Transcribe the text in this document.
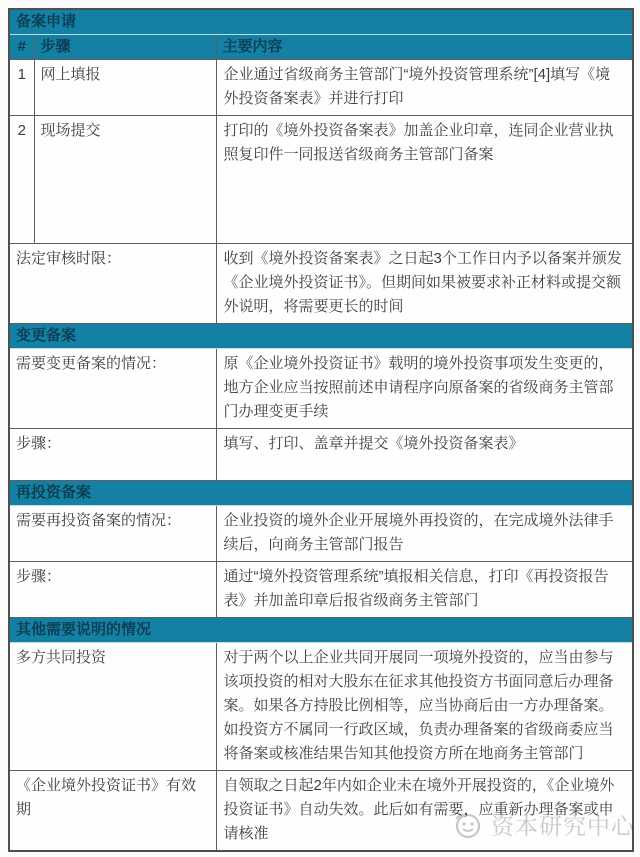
备案申请		
#	步骤	主要内容
1	网上填报	企业通过省级商务主管部门“境外投资管理系统”[4]填写《境外投资备案表》并进行打印
2	现场提交	打印的《境外投资备案表》加盖企业印章，连同企业营业执照复印件一同报送省级商务主管部门备案
法定审核时限：		收到《境外投资备案表》之日起3个工作日内予以备案并颁发《企业境外投资证书》。但期间如果被要求补正材料或提交额外说明，将需要更长的时间
变更备案		
需要变更备案的情况：		原《企业境外投资证书》载明的境外投资事项发生变更的，地方企业应当按照前述申请程序向原备案的省级商务主管部门办理变更手续
步骤：		填写、打印、盖章并提交《境外投资备案表》
再投资备案		
需要再投资备案的情况：		企业投资的境外企业开展境外再投资的，在完成境外法律手续后，向商务主管部门报告
步骤：		通过“境外投资管理系统”填报相关信息，打印《再投资报告表》并加盖印章后报省级商务主管部门
其他需要说明的情况		
多方共同投资		对于两个以上企业共同开展同一项境外投资的，应当由参与该项投资的相对大股东在征求其他投资方书面同意后办理备案。如果各方持股比例相等，应当协商后由一方办理备案。如投资方不属同一行政区域，负责办理备案的省级商委应当将备案或核准结果告知其他投资方所在地商务主管部门
《企业境外投资证书》有效期		自领取之日起2年内如企业未在境外开展投资的，《企业境外投资证书》自动失效。此后如有需要，应重新办理备案或申请核准	资本研究中心
